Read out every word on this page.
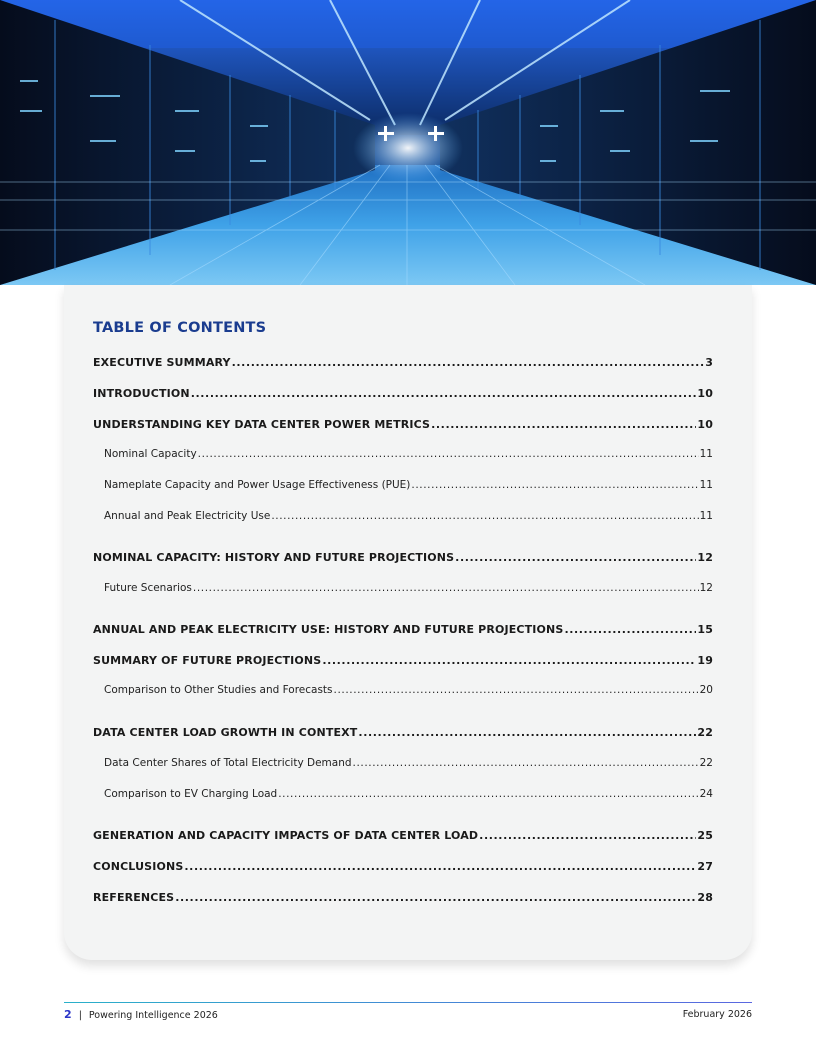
TABLE OF CONTENTS
EXECUTIVE SUMMARY .....	3
INTRODUCTION .....	10
UNDERSTANDING KEY DATA CENTER POWER METRICS .....	10
Nominal Capacity .....	11
Nameplate Capacity and Power Usage Effectiveness (PUE) .....	11
Annual and Peak Electricity Use .....	11
NOMINAL CAPACITY: HISTORY AND FUTURE PROJECTIONS .....	12
Future Scenarios .....	12
ANNUAL AND PEAK ELECTRICITY USE: HISTORY AND FUTURE PROJECTIONS .....	15
SUMMARY OF FUTURE PROJECTIONS .....	19
Comparison to Other Studies and Forecasts .....	20
DATA CENTER LOAD GROWTH IN CONTEXT .....	22
Data Center Shares of Total Electricity Demand .....	22
Comparison to EV Charging Load .....	24
GENERATION AND CAPACITY IMPACTS OF DATA CENTER LOAD .....	25
CONCLUSIONS .....	27
REFERENCES .....	28
2 | Powering Intelligence 2026	February 2026
